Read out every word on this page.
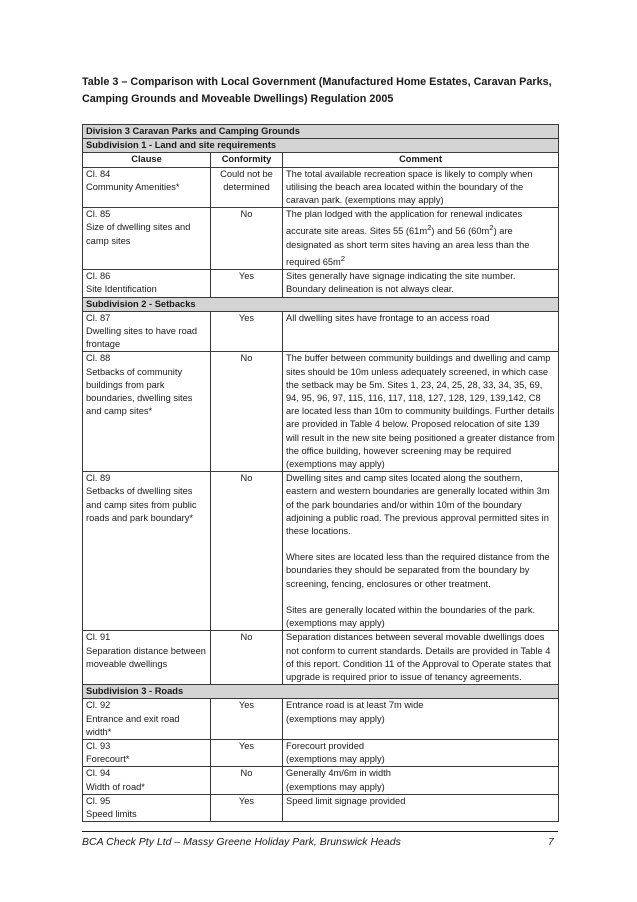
Table 3 – Comparison with Local Government (Manufactured Home Estates, Caravan Parks,
Camping Grounds and Moveable Dwellings) Regulation 2005
Division 3 Caravan Parks and Camping Grounds		
Subdivision 1 - Land and site requirements		
Clause	Conformity	Comment

Cl. 84
Community Amenities*	Could not be determined	The total available recreation space is likely to comply when utilising the beach area located within the boundary of the caravan park. (exemptions may apply)

Cl. 85
Size of dwelling sites and camp sites	No	The plan lodged with the application for renewal indicates accurate site areas. Sites 55 $(61m^2)$ and 56 $(60m^2)$ are designated as short term sites having an area less than the required $65m^2$

Cl. 86
Site Identification	Yes	Sites generally have signage indicating the site number. Boundary delineation is not always clear.
Subdivision 2 - Setbacks		

Cl. 87
Dwelling sites to have road frontage	Yes	All dwelling sites have frontage to an access road

Cl. 88
Setbacks of community buildings from park boundaries, dwelling sites and camp sites*	No	The buffer between community buildings and dwelling and camp sites should be 10m unless adequately screened, in which case the setback may be 5m. Sites 1, 23, 24, 25, 28, 33, 34, 35, 69, 94, 95, 96, 97, 115, 116, 117, 118, 127, 128, 129, 139,142, C8 are located less than 10m to community buildings. Further details are provided in Table 4 below. Proposed relocation of site 139 will result in the new site being positioned a greater distance from the office building, however screening may be required (exemptions may apply)

Cl. 89
Setbacks of dwelling sites and camp sites from public roads and park boundary*	No	Dwelling sites and camp sites located along the southern, eastern and western boundaries are generally located within 3m of the park boundaries and/or within 10m of the boundary adjoining a public road. The previous approval permitted sites in these locations.
Where sites are located less than the required distance from the boundaries they should be separated from the boundary by screening, fencing, enclosures or other treatment.
Sites are generally located within the boundaries of the park. (exemptions may apply)

Cl. 91
Separation distance between moveable dwellings	No	Separation distances between several movable dwellings does not conform to current standards. Details are provided in Table 4 of this report. Condition 11 of the Approval to Operate states that upgrade is required prior to issue of tenancy agreements.
Subdivision 3 - Roads		

Cl. 92
Entrance and exit road width*	Yes	Entrance road is at least 7m wide
(exemptions may apply)

Cl. 93
Forecourt*	Yes	Forecourt provided
(exemptions may apply)

Cl. 94
Width of road*	No	Generally 4m/6m in width
(exemptions may apply)

Cl. 95
Speed limits	Yes	Speed limit signage provided
BCA Check Pty Ltd – Massy Greene Holiday Park, Brunswick Heads	7
